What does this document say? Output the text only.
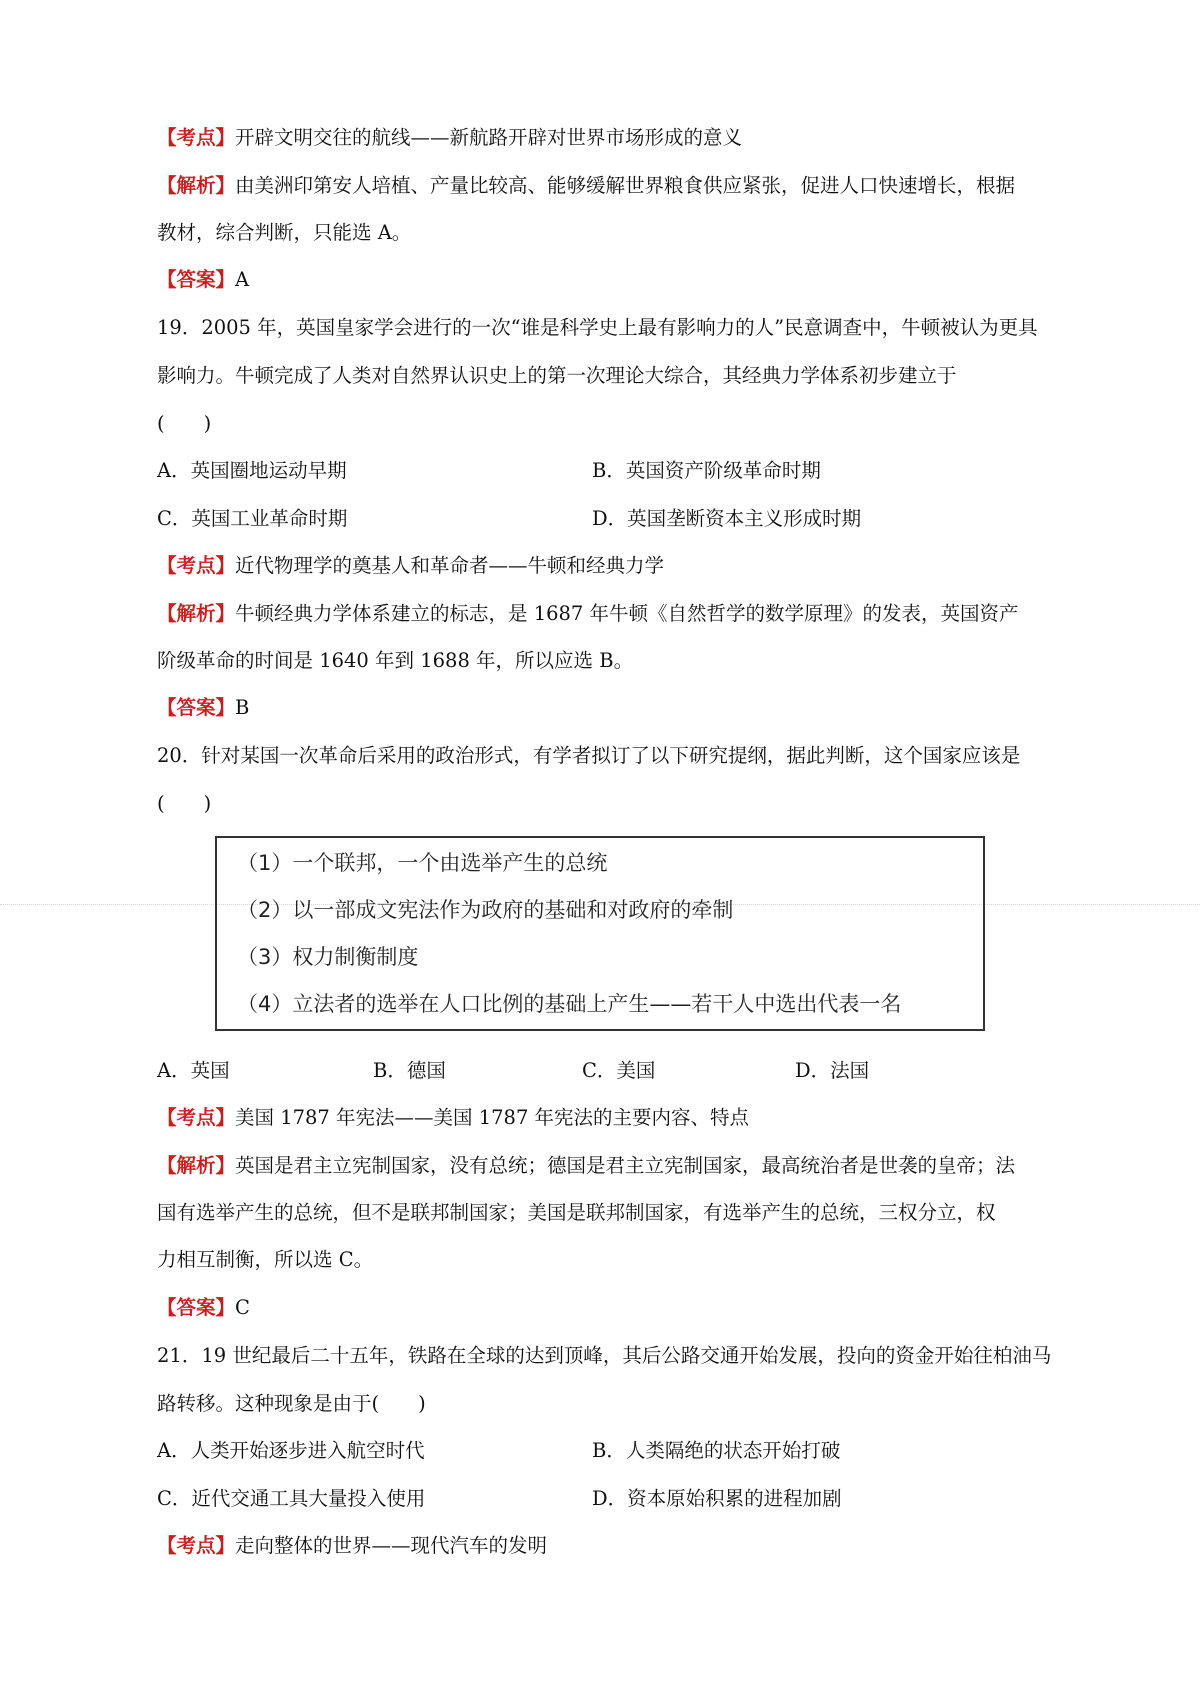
【考点】开辟文明交往的航线——新航路开辟对世界市场形成的意义
【解析】由美洲印第安人培植、产量比较高、能够缓解世界粮食供应紧张，促进人口快速增长，根据
教材，综合判断，只能选 A。
【答案】A
19．2005 年，英国皇家学会进行的一次“谁是科学史上最有影响力的人”民意调查中，牛顿被认为更具
影响力。牛顿完成了人类对自然界认识史上的第一次理论大综合，其经典力学体系初步建立于
(　　)
A．英国圈地运动早期	B．英国资产阶级革命时期
C．英国工业革命时期	D．英国垄断资本主义形成时期
【考点】近代物理学的奠基人和革命者——牛顿和经典力学
【解析】牛顿经典力学体系建立的标志，是 1687 年牛顿《自然哲学的数学原理》的发表，英国资产
阶级革命的时间是 1640 年到 1688 年，所以应选 B。
【答案】B
20．针对某国一次革命后采用的政治形式，有学者拟订了以下研究提纲，据此判断，这个国家应该是
(　　)
（1）一个联邦，一个由选举产生的总统
（2）以一部成文宪法作为政府的基础和对政府的牵制
（3）权力制衡制度
（4）立法者的选举在人口比例的基础上产生——若干人中选出代表一名
A．英国	B．德国	C．美国	D．法国
【考点】美国 1787 年宪法——美国 1787 年宪法的主要内容、特点
【解析】英国是君主立宪制国家，没有总统；德国是君主立宪制国家，最高统治者是世袭的皇帝；法
国有选举产生的总统，但不是联邦制国家；美国是联邦制国家，有选举产生的总统，三权分立，权
力相互制衡，所以选 C。
【答案】C
21．19 世纪最后二十五年，铁路在全球的达到顶峰，其后公路交通开始发展，投向的资金开始往柏油马
路转移。这种现象是由于(　　)
A．人类开始逐步进入航空时代	B．人类隔绝的状态开始打破
C．近代交通工具大量投入使用	D．资本原始积累的进程加剧
【考点】走向整体的世界——现代汽车的发明
